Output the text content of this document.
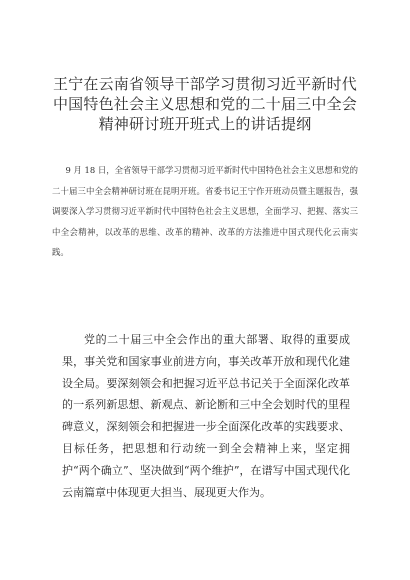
王宁在云南省领导干部学习贯彻习近平新时代
中国特色社会主义思想和党的二十届三中全会
精神研讨班开班式上的讲话提纲

9 月 18 日，全省领导干部学习贯彻习近平新时代中国特色社会主义思想和党的二十届三中全会精神研讨班在昆明开班。省委书记王宁作开班动员暨主题报告，强调要深入学习贯彻习近平新时代中国特色社会主义思想，全面学习、把握、落实三中全会精神，以改革的思维、改革的精神、改革的方法推进中国式现代化云南实践。

党的二十届三中全会作出的重大部署、取得的重要成果，事关党和国家事业前进方向，事关改革开放和现代化建设全局。要深刻领会和把握习近平总书记关于全面深化改革的一系列新思想、新观点、新论断和三中全会划时代的里程碑意义，深刻领会和把握进一步全面深化改革的实践要求、目标任务，把思想和行动统一到全会精神上来，坚定拥护“两个确立”、坚决做到“两个维护”，在谱写中国式现代化云南篇章中体现更大担当、展现更大作为。
